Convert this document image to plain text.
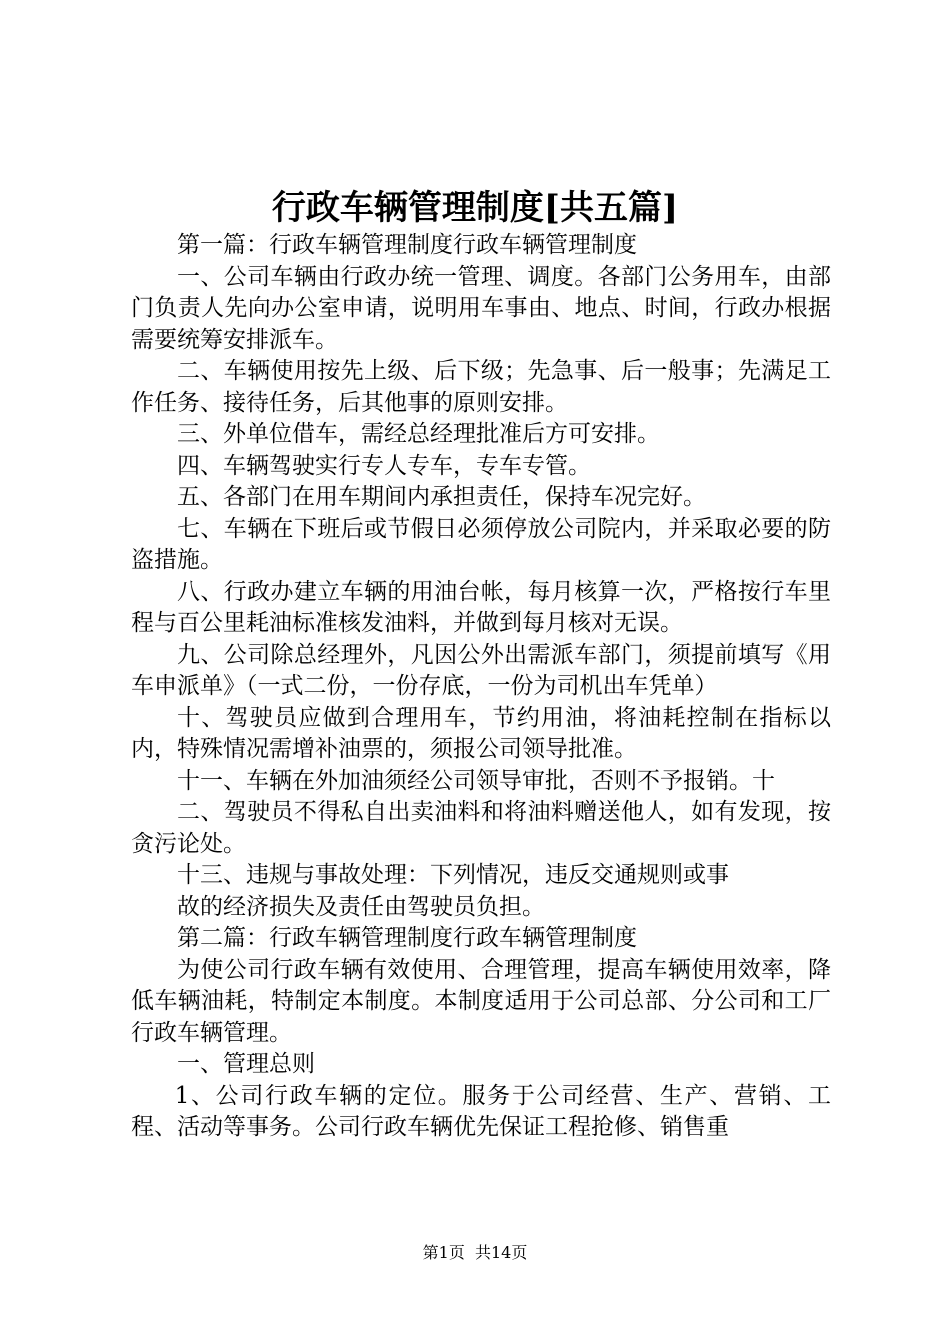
行政车辆管理制度[共五篇]

第一篇：行政车辆管理制度行政车辆管理制度

一、公司车辆由行政办统一管理、调度。各部门公务用车，由部门负责人先向办公室申请，说明用车事由、地点、时间，行政办根据需要统筹安排派车。

二、车辆使用按先上级、后下级；先急事、后一般事；先满足工作任务、接待任务，后其他事的原则安排。

三、外单位借车，需经总经理批准后方可安排。

四、车辆驾驶实行专人专车，专车专管。

五、各部门在用车期间内承担责任，保持车况完好。

七、车辆在下班后或节假日必须停放公司院内，并采取必要的防盗措施。

八、行政办建立车辆的用油台帐，每月核算一次，严格按行车里程与百公里耗油标准核发油料，并做到每月核对无误。

九、公司除总经理外，凡因公外出需派车部门，须提前填写《用车申派单》（一式二份，一份存底，一份为司机出车凭单）

十、驾驶员应做到合理用车，节约用油，将油耗控制在指标以内，特殊情况需增补油票的，须报公司领导批准。

十一、车辆在外加油须经公司领导审批，否则不予报销。十

二、驾驶员不得私自出卖油料和将油料赠送他人，如有发现，按贪污论处。

十三、违规与事故处理：下列情况，违反交通规则或事

故的经济损失及责任由驾驶员负担。

第二篇：行政车辆管理制度行政车辆管理制度

为使公司行政车辆有效使用、合理管理，提高车辆使用效率，降低车辆油耗，特制定本制度。本制度适用于公司总部、分公司和工厂行政车辆管理。

一、管理总则

1、公司行政车辆的定位。服务于公司经营、生产、营销、工程、活动等事务。公司行政车辆优先保证工程抢修、销售重

第1页  共14页
